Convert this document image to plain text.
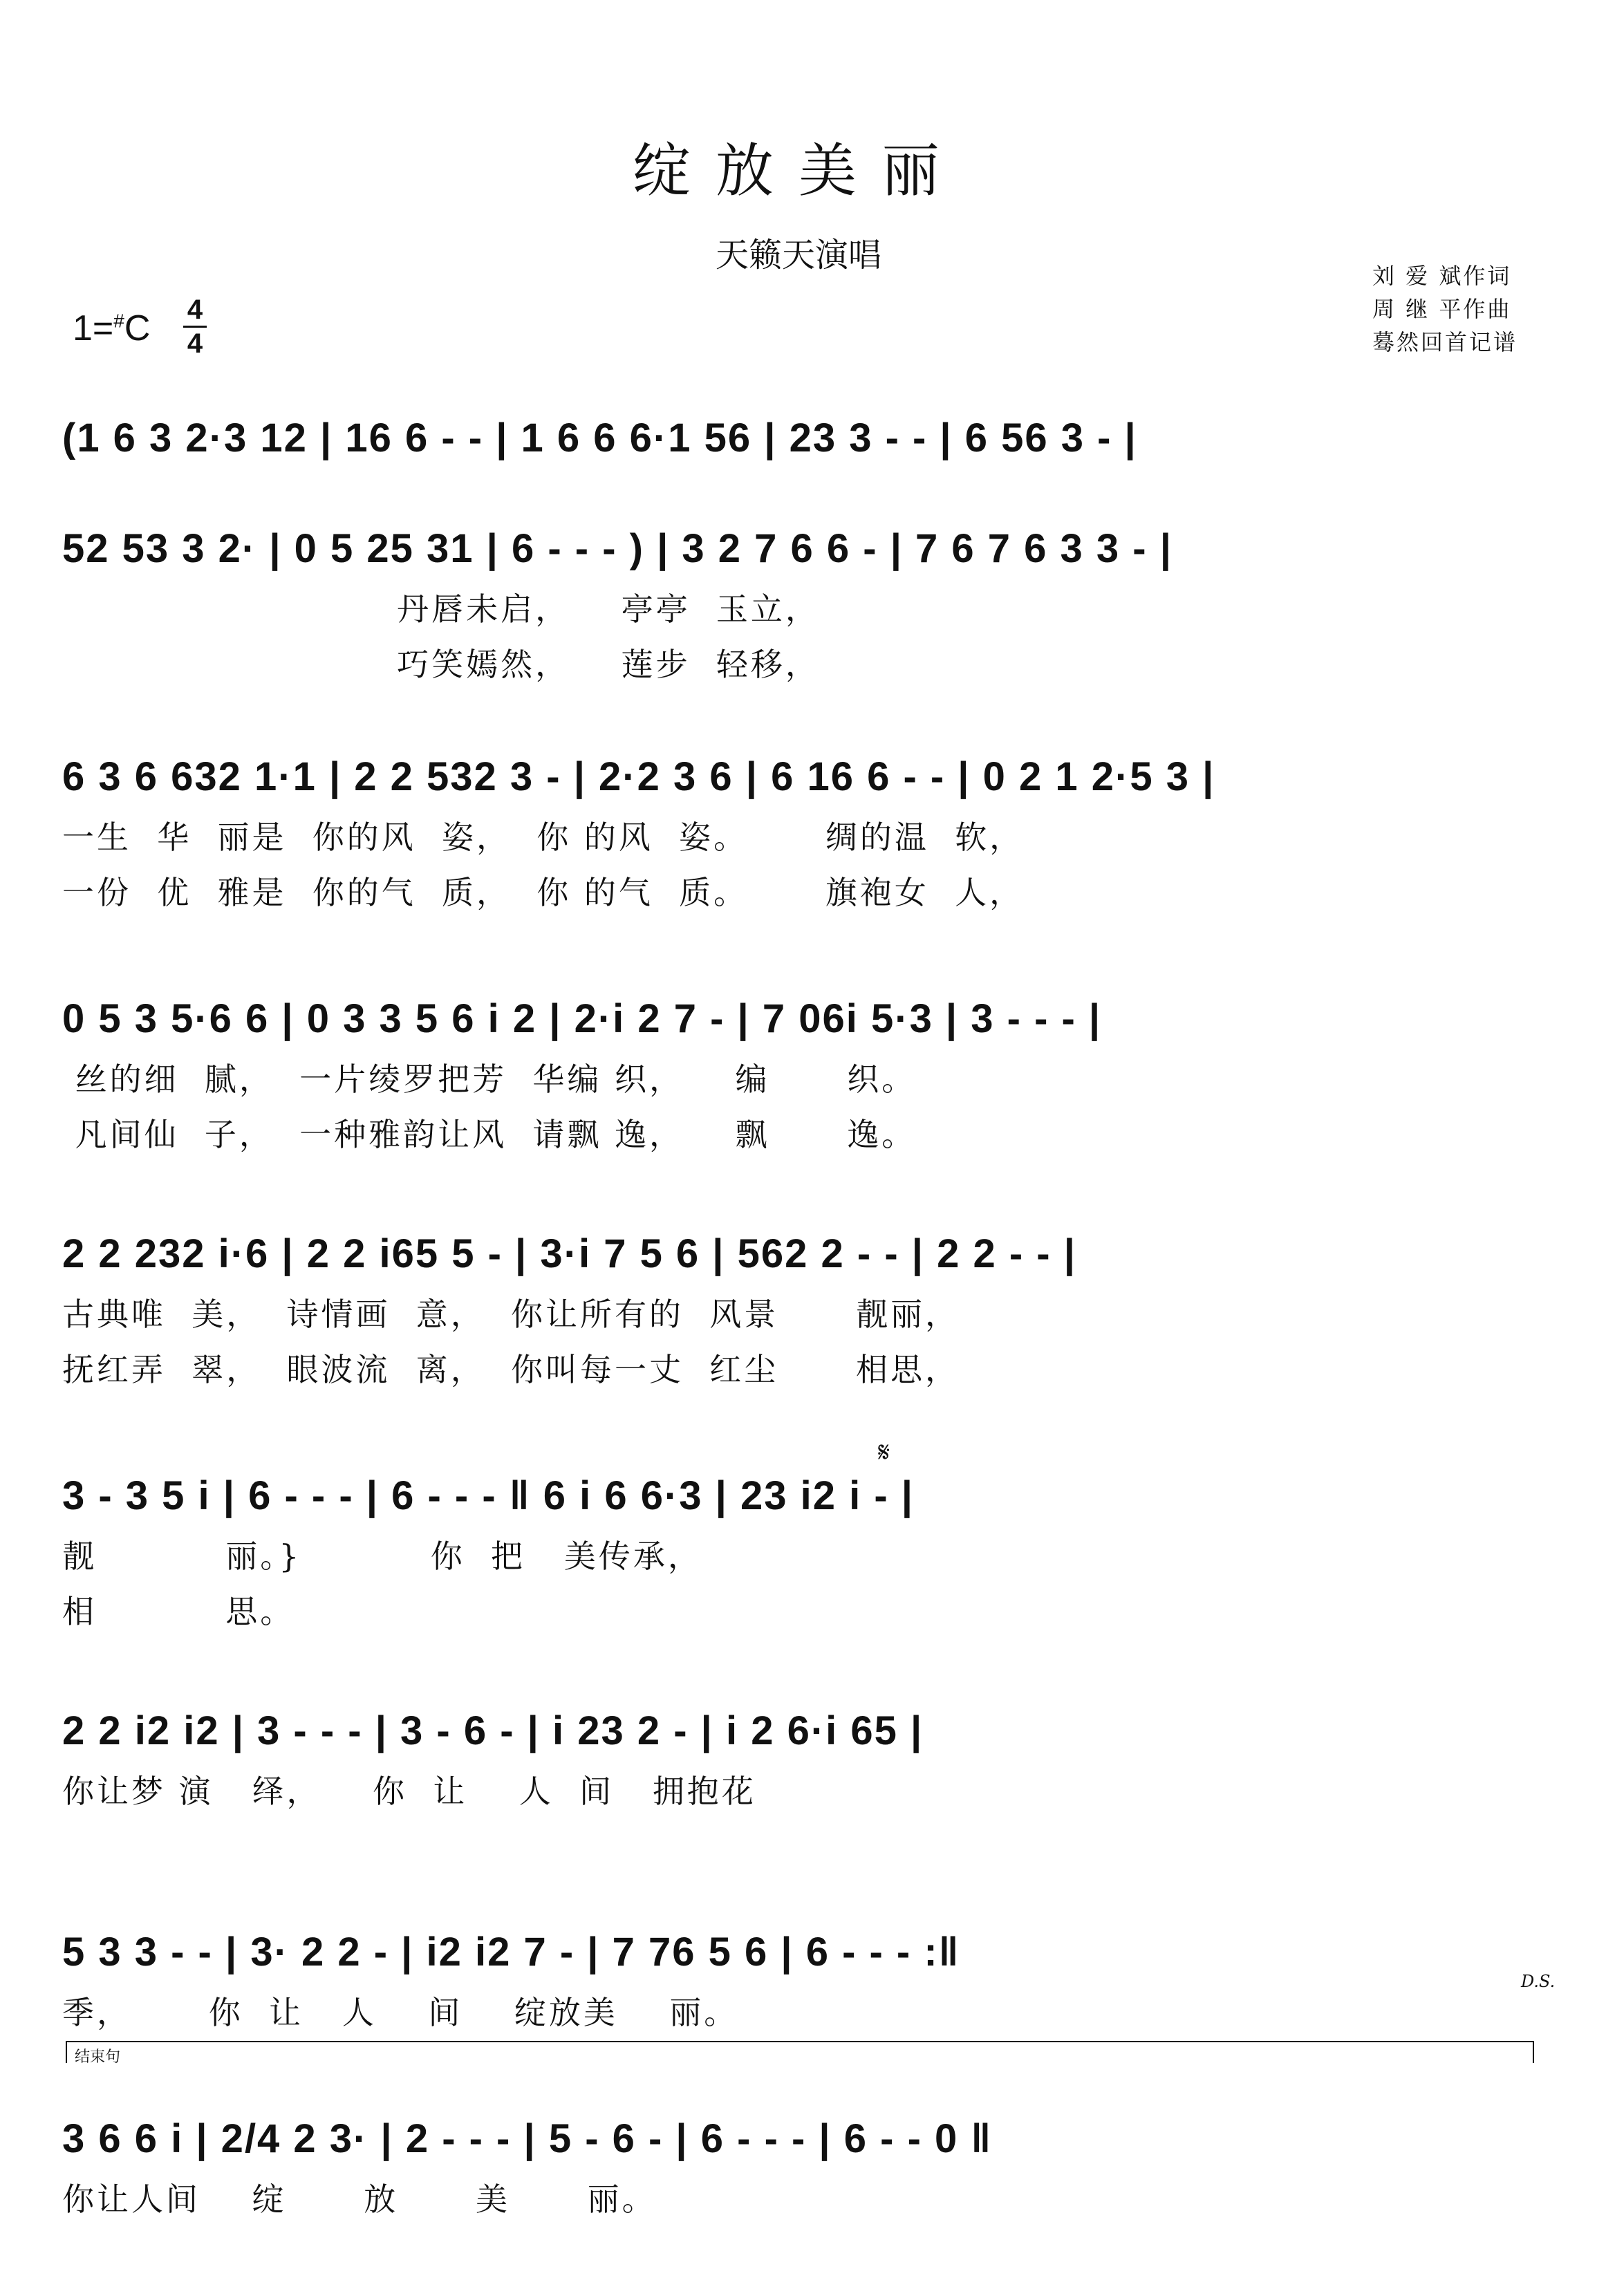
绽放美丽
天籁天演唱
刘 爱 斌作词
周 继 平作曲
蓦然回首记谱
1=#C 4
4
𝄋
D.S.
结束句
(1 6 3 2·3 12 | 16 6 - - | 1 6 6 6·1 56 | 23 3 - - | 6 56 3 - |
52 53 3 2· | 0 5 25 31 | 6 - - - ) | 3 2 7 6 6 - | 7 6 7 6 3 3 - |
丹唇未启，    亭亭  玉立，
巧笑嫣然，    莲步  轻移，
6 3 6 632 1·1 | 2 2 532 3 - | 2·2 3 6 | 6 16 6 - - | 0 2 1 2·5 3 |
一生  华  丽是  你的风  姿，  你 的风  姿。      绸的温  软，
一份  优  雅是  你的气  质，  你 的气  质。      旗袍女  人，
0 5 3 5·6 6 | 0 3 3 5 6 i 2 | 2·i 2 7 - | 7 06i 5·3 | 3 - - - |
丝的细  腻，  一片绫罗把芳  华编 织，    编      织。
凡间仙  子，  一种雅韵让风  请飘 逸，    飘      逸。
2 2 232 i·6 | 2 2 i65 5 - | 3·i 7 5 6 | 562 2 - - | 2 2 - - |
古典唯  美，  诗情画  意，  你让所有的  风景      靓丽，
抚红弄  翠，  眼波流  离，  你叫每一丈  红尘      相思，
3 - 3 5 i | 6 - - - | 6 - - - ‖ 6 i 6 6·3 | 23 i2 i - |
靓          丽。}          你  把   美传承，
相          思。
2 2 i2 i2 | 3 - - - | 3 - 6 - | i 23 2 - | i 2 6·i 65 |
你让梦 演   绎，    你  让    人  间   拥抱花
5 3 3 - - | 3· 2 2 - | i2 i2 7 - | 7 76 5 6 | 6 - - - :‖
季，      你  让   人    间    绽放美    丽。
3 6 6 i | 2/4 2 3· | 2 - - - | 5 - 6 - | 6 - - - | 6 - - 0 ‖
你让人间    绽      放      美      丽。
